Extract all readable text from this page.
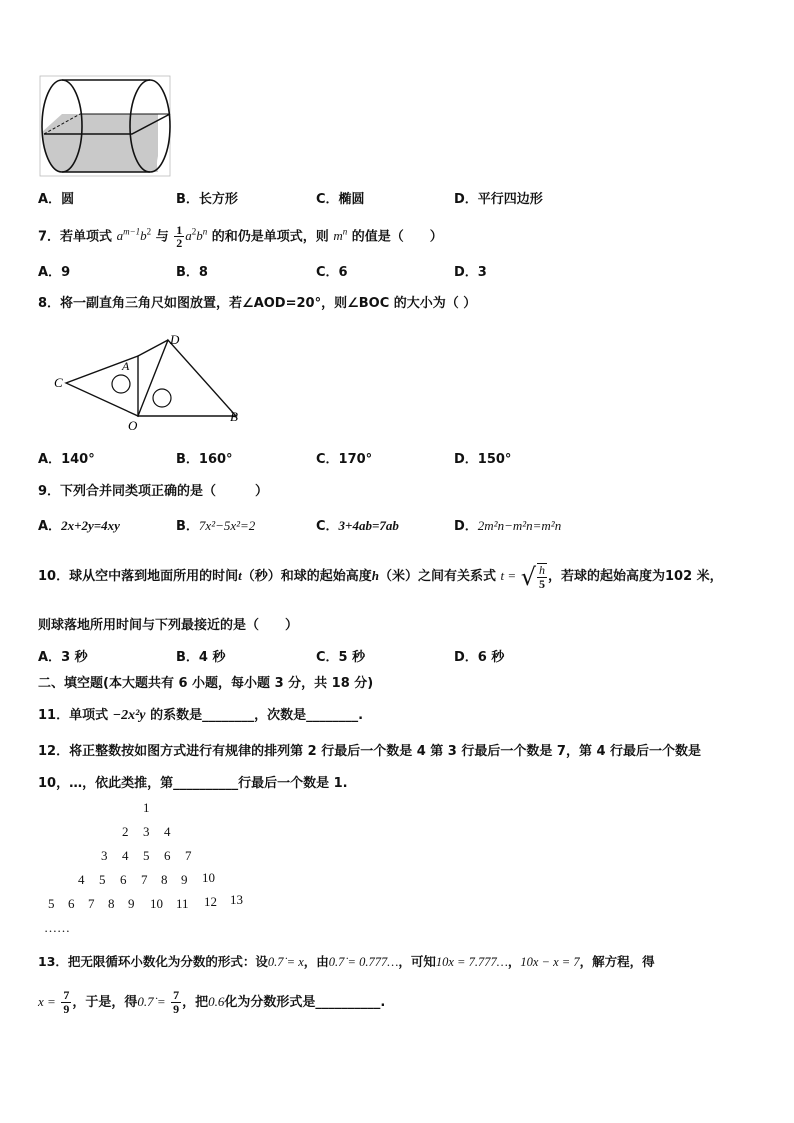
A．圆	B．长方形	C．椭圆	D．平行四边形
7．若单项式 $a^{m-1}b^2$ 与 $\frac{1}{2} a^2b^n$ 的和仍是单项式，则 $m^n$ 的值是（　　）
A．9	B．8	C．6	D．3
8．将一副直角三角尺如图放置，若∠AOD=20°，则∠BOC 的大小为（ ）
C
A
D
O
B
A．140°	B．160°	C．170°	D．150°
9．下列合并同类项正确的是（　　　）
A．2x+2y=4xy	B．7x²−5x²=2	C．3+4ab=7ab	D．2m²n−m²n=m²n
10．球从空中落到地面所用的时间t（秒）和球的起始高度h（米）之间有关系式 t = √ $\frac{h}{5}$ ，若球的起始高度为102 米，
则球落地所用时间与下列最接近的是（　　）
A．3 秒	B．4 秒	C．5 秒	D．6 秒
二、填空题(本大题共有 6 小题，每小题 3 分，共 18 分)
11．单项式 −2x²y 的系数是________，次数是________.
12．将正整数按如图方式进行有规律的排列第 2 行最后一个数是 4 第 3 行最后一个数是 7，第 4 行最后一个数是
10，…，依此类推，第__________行最后一个数是 1.
1
2 3 4
3 4 5 6 7
4 5 6 7 8 9 10
5 6 7 8 9 10 11 12 13
……
13．把无限循环小数化为分数的形式：设0.7̇ = x，由0.7̇ = 0.777…，可知10x = 7.777…，10x − x = 7，解方程，得
$x = \frac{7}{9}$ ，于是，得0.7̇ = $\frac{7}{9}$ ，把0.6̇化为分数形式是__________.
